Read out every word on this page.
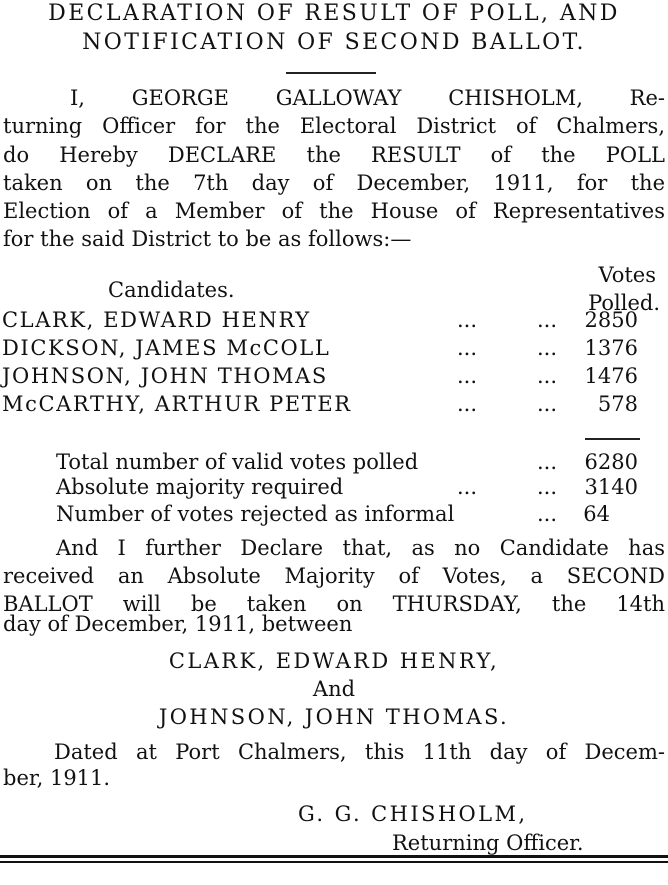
DECLARATION OF RESULT OF POLL, AND
NOTIFICATION OF SECOND BALLOT.
I, GEORGE GALLOWAY CHISHOLM, Re-
turning Officer for the Electoral District of Chalmers,
do Hereby DECLARE the RESULT of the POLL
taken on the 7th day of December, 1911, for the
Election of a Member of the House of Representatives
for the said District to be as follows:—
Votes
Candidates.
Polled.
CLARK, EDWARD HENRY	...	... 2850
DICKSON, JAMES McCOLL	...	... 1376
JOHNSON, JOHN THOMAS	...	... 1476
McCARTHY, ARTHUR PETER	...	... 578
Total number of valid votes polled	... 6280
Absolute majority required	...	... 3140
Number of votes rejected as informal	... 64
And I further Declare that, as no Candidate has
received an Absolute Majority of Votes, a SECOND
BALLOT will be taken on THURSDAY, the 14th
day of December, 1911, between
CLARK, EDWARD HENRY,
And
JOHNSON, JOHN THOMAS.
Dated at Port Chalmers, this 11th day of Decem-
ber, 1911.
G. G. CHISHOLM,
Returning Officer.
